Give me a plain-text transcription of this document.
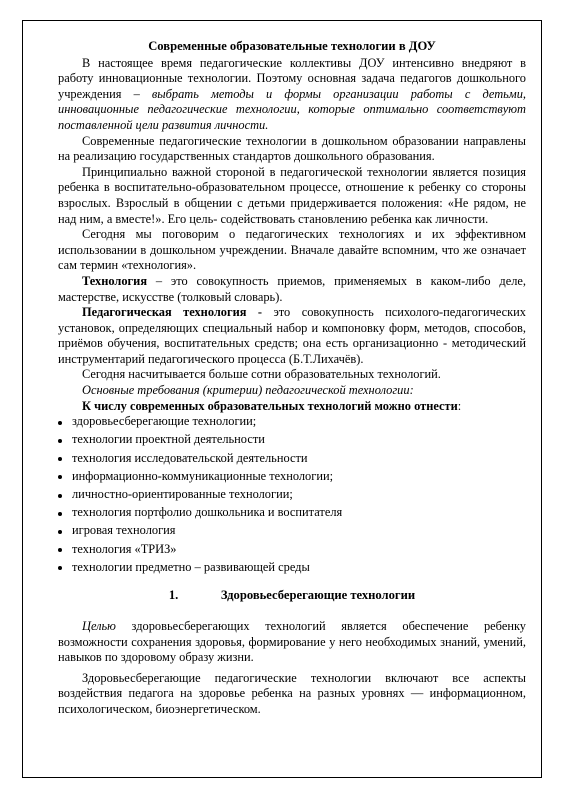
Современные образовательные технологии в ДОУ

В настоящее время педагогические коллективы ДОУ интенсивно внедряют в работу инновационные технологии. Поэтому основная задача педагогов дошкольного учреждения – выбрать методы и формы организации работы с детьми, инновационные педагогические технологии, которые оптимально соответствуют поставленной цели развития личности.

Современные педагогические технологии в дошкольном образовании направлены на реализацию государственных стандартов дошкольного образования.

Принципиально важной стороной в педагогической технологии является позиция ребенка в воспитательно-образовательном процессе, отношение к ребенку со стороны взрослых. Взрослый в общении с детьми придерживается положения: «Не рядом, не над ним, а вместе!». Его цель- содействовать становлению ребенка как личности.

Сегодня мы поговорим о педагогических технологиях и их эффективном использовании в дошкольном учреждении. Вначале давайте вспомним, что же означает сам термин «технология».

Технология – это совокупность приемов, применяемых в каком-либо деле, мастерстве, искусстве (толковый словарь).

Педагогическая технология - это совокупность психолого-педагогических установок, определяющих специальный набор и компоновку форм, методов, способов, приёмов обучения, воспитательных средств; она есть организационно - методический инструментарий педагогического процесса (Б.Т.Лихачёв).

Сегодня насчитывается больше сотни образовательных технологий.

Основные требования (критерии) педагогической технологии:

К числу современных образовательных технологий можно отнести:

здоровьесберегающие технологии;
технологии проектной деятельности
технология исследовательской деятельности
информационно-коммуникационные технологии;
личностно-ориентированные технологии;
технология портфолио дошкольника и воспитателя
игровая технология
технология «ТРИЗ»
технологии предметно – развивающей среды
1.	Здоровьесберегающие технологии

Целью здоровьесберегающих технологий является обеспечение ребенку возможности сохранения здоровья, формирование у него необходимых знаний, умений, навыков по здоровому образу жизни.

Здоровьесберегающие педагогические технологии включают все аспекты воздействия педагога на здоровье ребенка на разных уровнях — информационном, психологическом, биоэнергетическом.
